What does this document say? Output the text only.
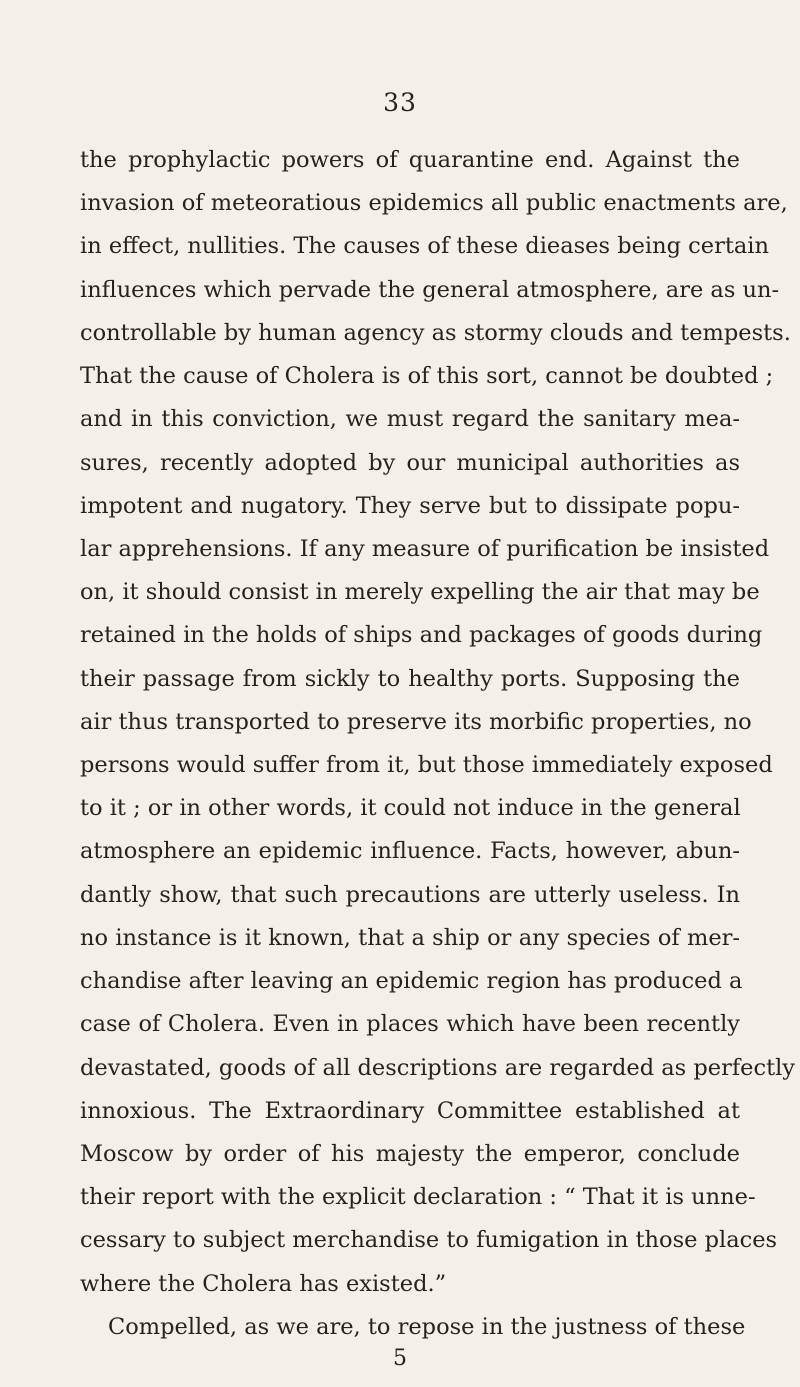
33
the prophylactic powers of quarantine end. Against the
invasion of meteoratious epidemics all public enactments are,
in effect, nullities. The causes of these dieases being certain
influences which pervade the general atmosphere, are as un-
controllable by human agency as stormy clouds and tempests.
That the cause of Cholera is of this sort, cannot be doubted ;
and in this conviction, we must regard the sanitary mea-
sures, recently adopted by our municipal authorities as
impotent and nugatory. They serve but to dissipate popu-
lar apprehensions. If any measure of purification be insisted
on, it should consist in merely expelling the air that may be
retained in the holds of ships and packages of goods during
their passage from sickly to healthy ports. Supposing the
air thus transported to preserve its morbific properties, no
persons would suffer from it, but those immediately exposed
to it ; or in other words, it could not induce in the general
atmosphere an epidemic influence. Facts, however, abun-
dantly show, that such precautions are utterly useless. In
no instance is it known, that a ship or any species of mer-
chandise after leaving an epidemic region has produced a
case of Cholera. Even in places which have been recently
devastated, goods of all descriptions are regarded as perfectly
innoxious. The Extraordinary Committee established at
Moscow by order of his majesty the emperor, conclude
their report with the explicit declaration : “ That it is unne-
cessary to subject merchandise to fumigation in those places
where the Cholera has existed.”
Compelled, as we are, to repose in the justness of these
5
